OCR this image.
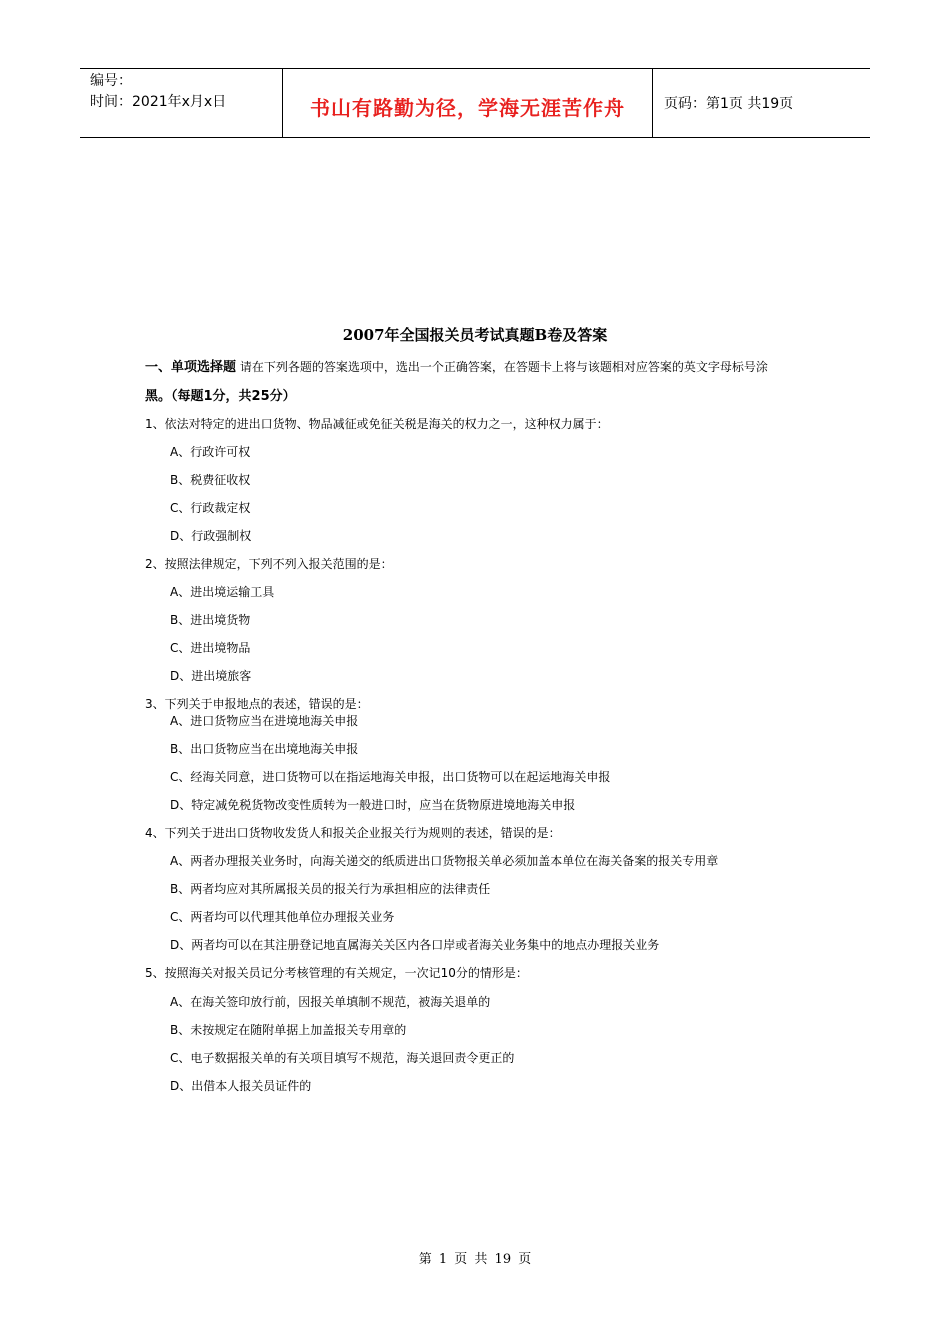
编号：
时间：2021年x月x日	书山有路勤为径，学海无涯苦作舟	页码：第1页 共19页
2007年全国报关员考试真题B卷及答案
一、单项选择题 请在下列各题的答案选项中，选出一个正确答案，在答题卡上将与该题相对应答案的英文字母标号涂
黑。（每题1分，共25分）
1、依法对特定的进出口货物、物品减征或免征关税是海关的权力之一，这种权力属于：
A、行政许可权
B、税费征收权
C、行政裁定权
D、行政强制权
2、按照法律规定，下列不列入报关范围的是：
A、进出境运输工具
B、进出境货物
C、进出境物品
D、进出境旅客
3、下列关于申报地点的表述，错误的是：
A、进口货物应当在进境地海关申报
B、出口货物应当在出境地海关申报
C、经海关同意，进口货物可以在指运地海关申报，出口货物可以在起运地海关申报
D、特定减免税货物改变性质转为一般进口时，应当在货物原进境地海关申报
4、下列关于进出口货物收发货人和报关企业报关行为规则的表述，错误的是：
A、两者办理报关业务时，向海关递交的纸质进出口货物报关单必须加盖本单位在海关备案的报关专用章
B、两者均应对其所属报关员的报关行为承担相应的法律责任
C、两者均可以代理其他单位办理报关业务
D、两者均可以在其注册登记地直属海关关区内各口岸或者海关业务集中的地点办理报关业务
5、按照海关对报关员记分考核管理的有关规定，一次记10分的情形是：
A、在海关签印放行前，因报关单填制不规范，被海关退单的
B、未按规定在随附单据上加盖报关专用章的
C、电子数据报关单的有关项目填写不规范，海关退回责令更正的
D、出借本人报关员证件的
第 1 页 共 19 页
